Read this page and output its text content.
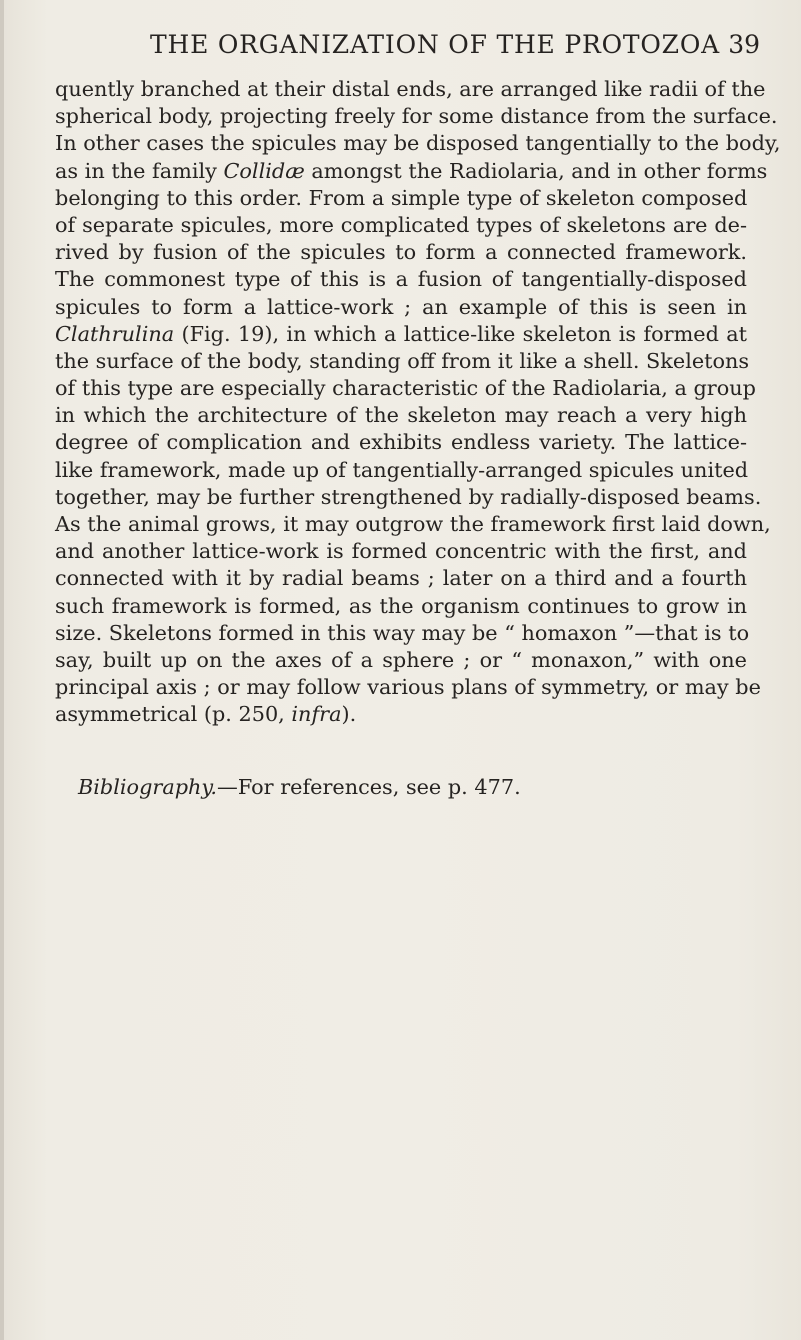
THE ORGANIZATION OF THE PROTOZOA 39
quently branched at their distal ends, are arranged like radii of the
spherical body, projecting freely for some distance from the surface.
In other cases the spicules may be disposed tangentially to the body,
as in the family Collidæ amongst the Radiolaria, and in other forms
belonging to this order. From a simple type of skeleton composed
of separate spicules, more complicated types of skeletons are de-
rived by fusion of the spicules to form a connected framework.
The commonest type of this is a fusion of tangentially-disposed
spicules to form a lattice-work ; an example of this is seen in
Clathrulina (Fig. 19), in which a lattice-like skeleton is formed at
the surface of the body, standing off from it like a shell. Skeletons
of this type are especially characteristic of the Radiolaria, a group
in which the architecture of the skeleton may reach a very high
degree of complication and exhibits endless variety. The lattice-
like framework, made up of tangentially-arranged spicules united
together, may be further strengthened by radially-disposed beams.
As the animal grows, it may outgrow the framework first laid down,
and another lattice-work is formed concentric with the first, and
connected with it by radial beams ; later on a third and a fourth
such framework is formed, as the organism continues to grow in
size. Skeletons formed in this way may be “ homaxon ”—that is to
say, built up on the axes of a sphere ; or “ monaxon,” with one
principal axis ; or may follow various plans of symmetry, or may be
asymmetrical (p. 250, infra).
Bibliography.—For references, see p. 477.
